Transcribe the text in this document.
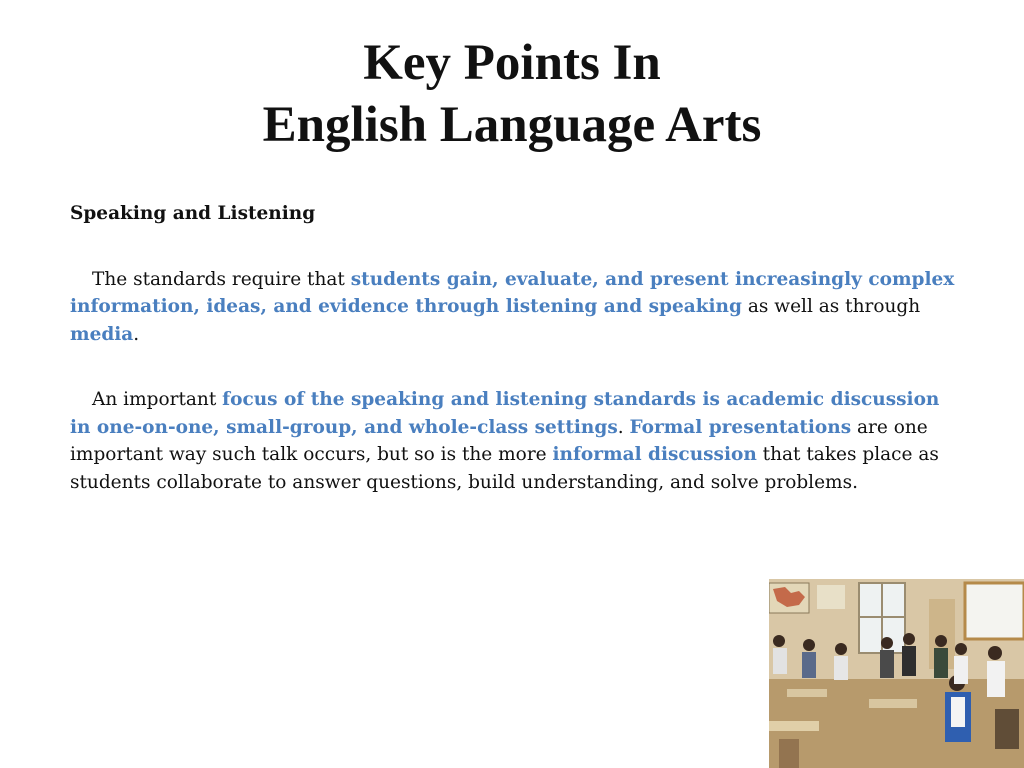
Key Points In
English Language Arts
Speaking and Listening

The standards require that students gain, evaluate, and present increasingly complex information, ideas, and evidence through listening and speaking as well as through media.

An important focus of the speaking and listening standards is academic discussion in one-on-one, small-group, and whole-class settings. Formal presentations are one important way such talk occurs, but so is the more informal discussion that takes place as students collaborate to answer questions, build understanding, and solve problems.
